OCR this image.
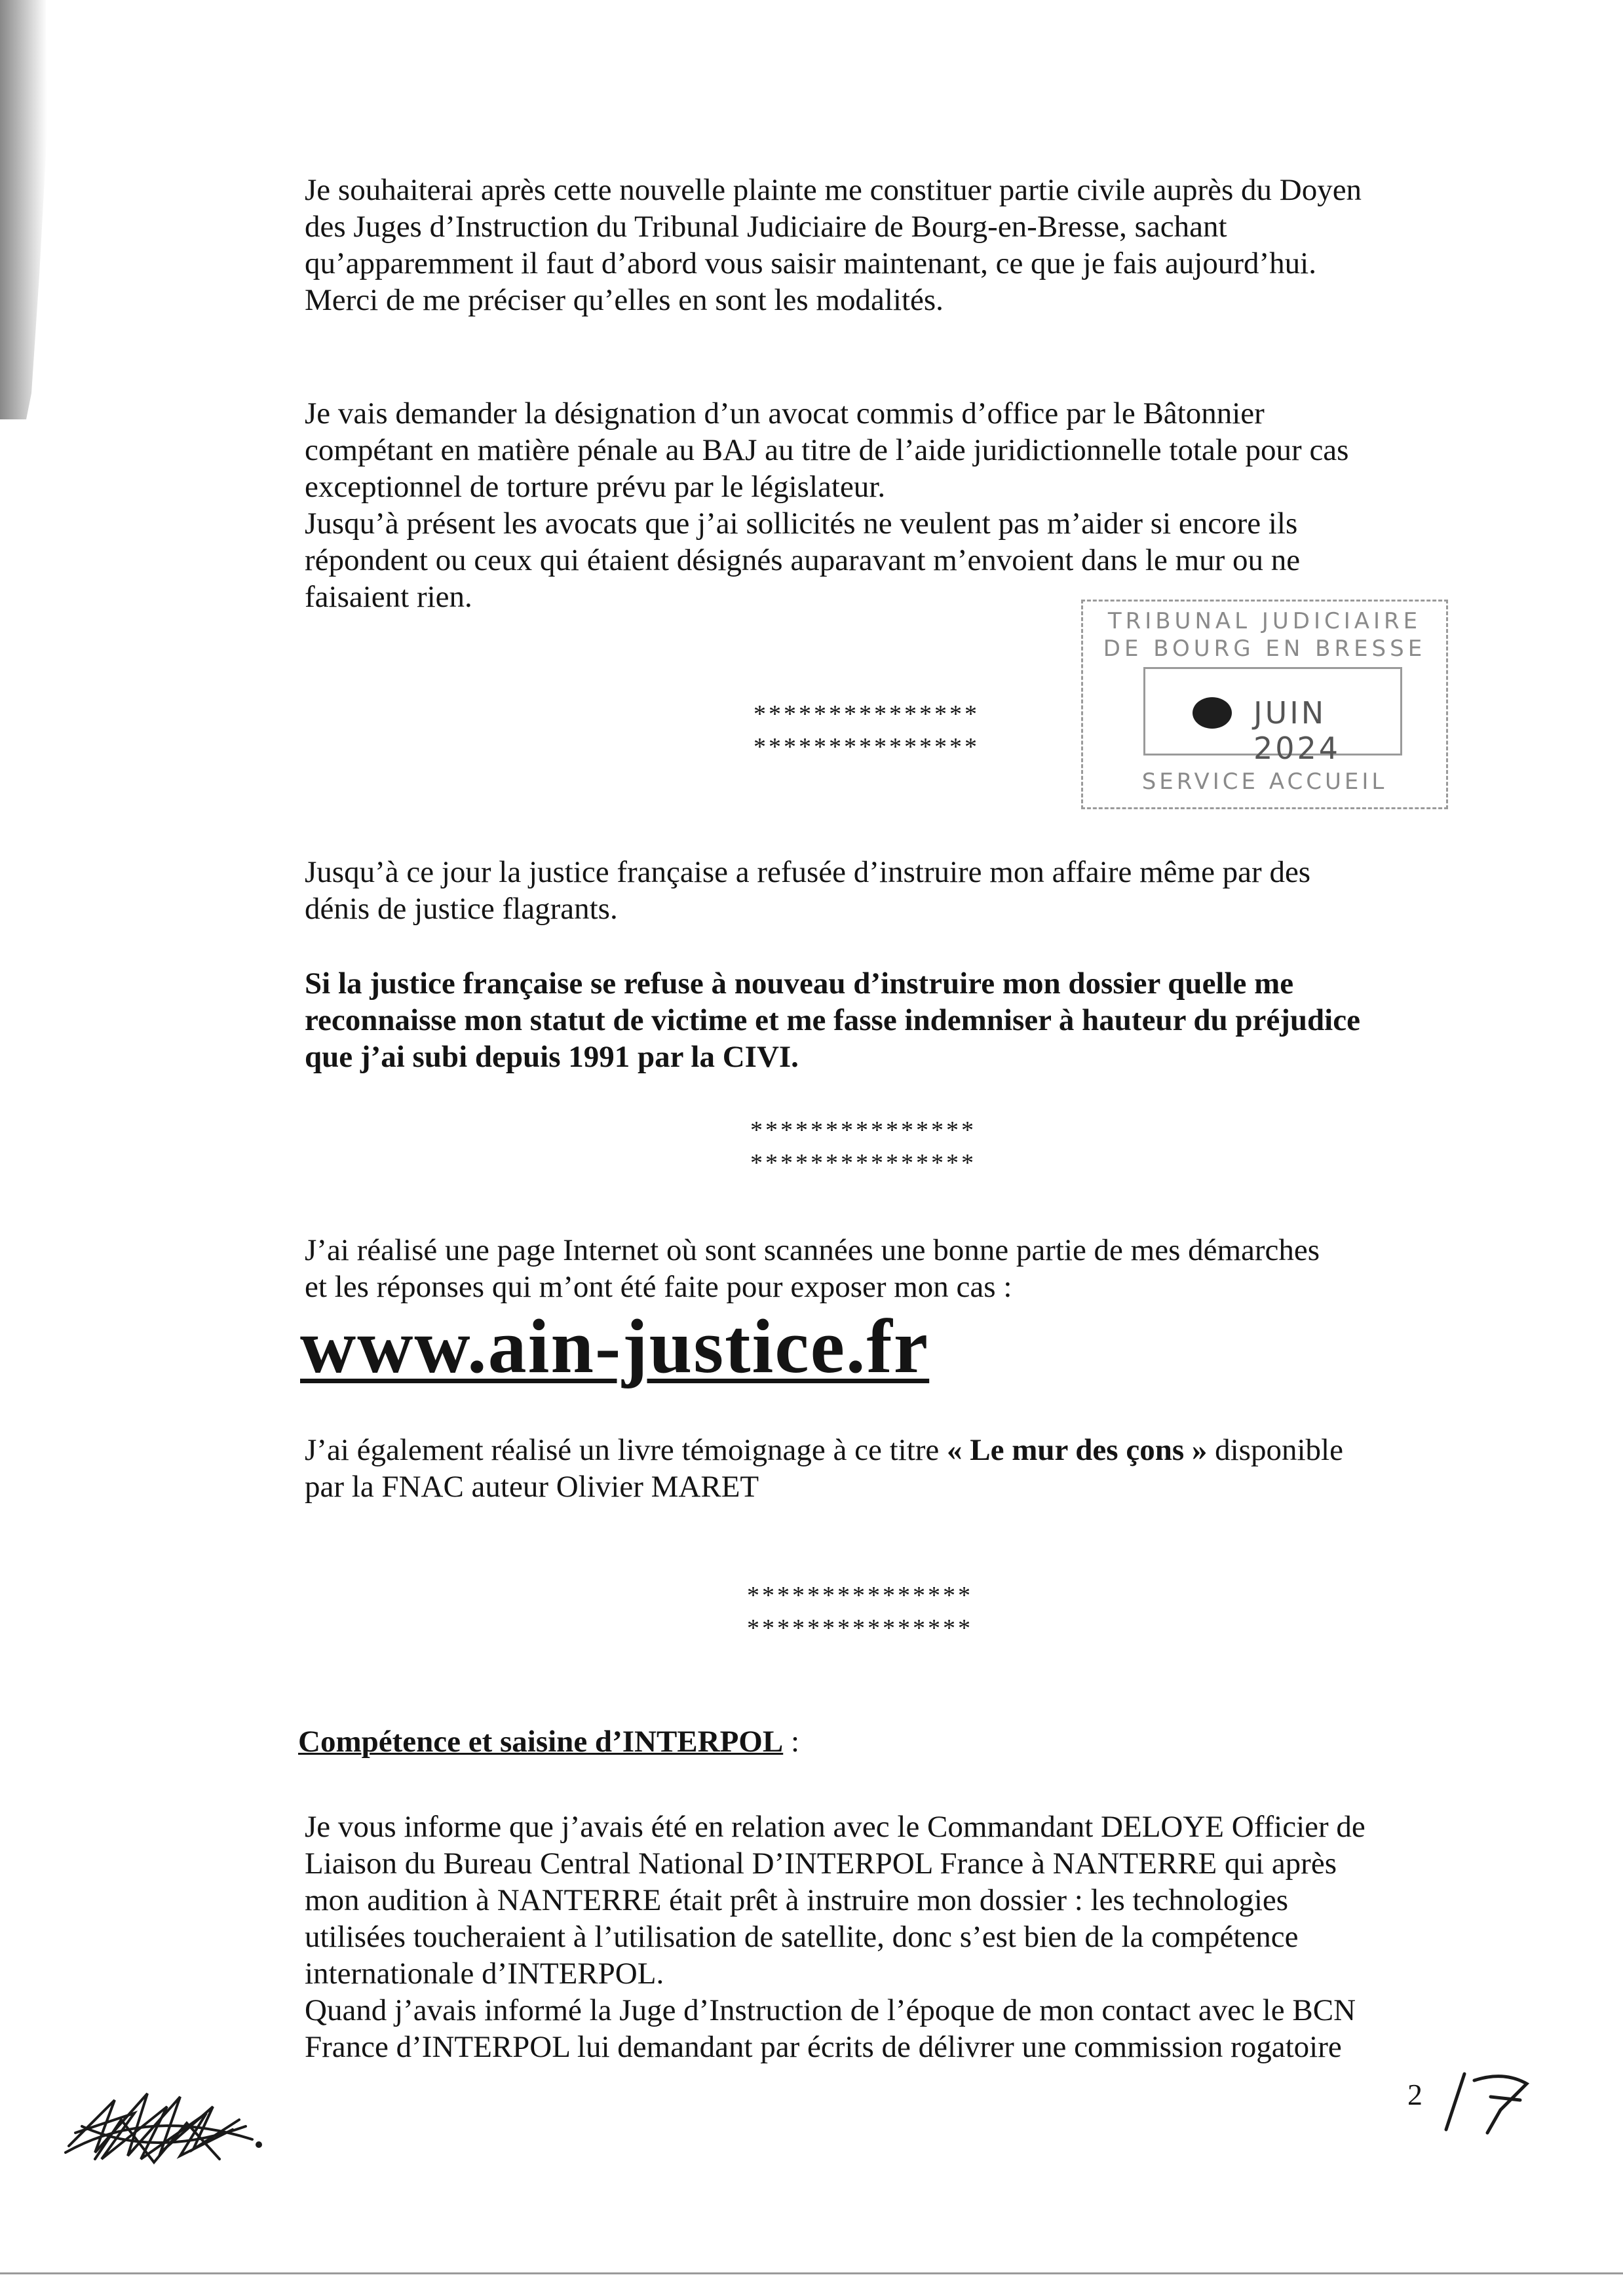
Je souhaiterai après cette nouvelle plainte me constituer partie civile auprès du Doyen
des Juges d’Instruction du Tribunal Judiciaire de Bourg-en-Bresse, sachant
qu’apparemment il faut d’abord vous saisir maintenant, ce que je fais aujourd’hui.
Merci de me préciser qu’elles en sont les modalités.
Je vais demander la désignation d’un avocat commis d’office par le Bâtonnier
compétant en matière pénale au BAJ au titre de l’aide juridictionnelle totale pour cas
exceptionnel de torture prévu par le législateur.
Jusqu’à présent les avocats que j’ai sollicités ne veulent pas m’aider si encore ils
répondent ou ceux qui étaient désignés auparavant m’envoient dans le mur ou ne
faisaient rien.
TRIBUNAL JUDICIAIRE
DE BOURG EN BRESSE
JUIN 2024
SERVICE ACCUEIL
***************
***************
Jusqu’à ce jour la justice française a refusée d’instruire mon affaire même par des
dénis de justice flagrants.
Si la justice française se refuse à nouveau d’instruire mon dossier quelle me
reconnaisse mon statut de victime et me fasse indemniser à hauteur du préjudice
que j’ai subi depuis 1991 par la CIVI.
***************
***************
J’ai réalisé une page Internet où sont scannées une bonne partie de mes démarches
et les réponses qui m’ont été faite pour exposer mon cas :
www.ain-justice.fr
J’ai également réalisé un livre témoignage à ce titre « Le mur des çons » disponible
par la FNAC auteur Olivier MARET
***************
***************
Compétence et saisine d’INTERPOL :
Je vous informe que j’avais été en relation avec le Commandant DELOYE Officier de
Liaison du Bureau Central National D’INTERPOL France à NANTERRE qui après
mon audition à NANTERRE était prêt à instruire mon dossier : les technologies
utilisées toucheraient à l’utilisation de satellite, donc s’est bien de la compétence
internationale d’INTERPOL.
Quand j’avais informé la Juge d’Instruction de l’époque de mon contact avec le BCN
France d’INTERPOL lui demandant par écrits de délivrer une commission rogatoire
2
